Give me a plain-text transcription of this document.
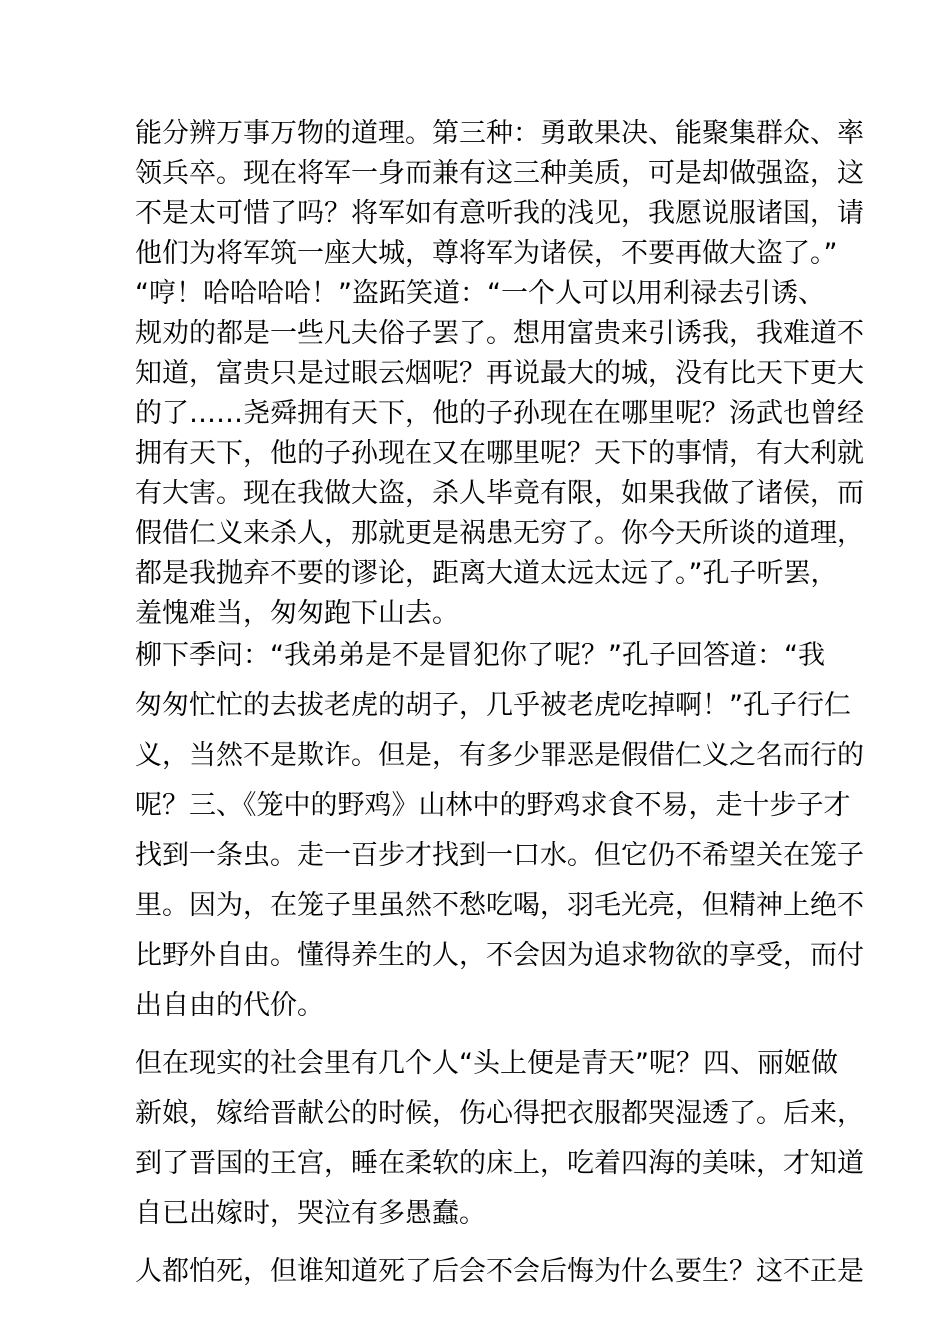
能分辨万事万物的道理。第三种：勇敢果决、能聚集群众、率
领兵卒。现在将军一身而兼有这三种美质，可是却做强盗，这
不是太可惜了吗？将军如有意听我的浅见，我愿说服诸国，请
他们为将军筑一座大城，尊将军为诸侯，不要再做大盗了。”
“哼！哈哈哈哈！”盗跖笑道：“一个人可以用利禄去引诱、
规劝的都是一些凡夫俗子罢了。想用富贵来引诱我，我难道不
知道，富贵只是过眼云烟呢？再说最大的城，没有比天下更大
的了……尧舜拥有天下，他的子孙现在在哪里呢？汤武也曾经
拥有天下，他的子孙现在又在哪里呢？天下的事情，有大利就
有大害。现在我做大盗，杀人毕竟有限，如果我做了诸侯，而
假借仁义来杀人，那就更是祸患无穷了。你今天所谈的道理，
都是我抛弃不要的谬论，距离大道太远太远了。”孔子听罢，
羞愧难当，匆匆跑下山去。
柳下季问：“我弟弟是不是冒犯你了呢？”孔子回答道：“我
匆匆忙忙的去拔老虎的胡子，几乎被老虎吃掉啊！”孔子行仁
义，当然不是欺诈。但是，有多少罪恶是假借仁义之名而行的
呢？三、《笼中的野鸡》山林中的野鸡求食不易，走十步子才
找到一条虫。走一百步才找到一口水。但它仍不希望关在笼子
里。因为，在笼子里虽然不愁吃喝，羽毛光亮，但精神上绝不
比野外自由。懂得养生的人，不会因为追求物欲的享受，而付
出自由的代价。
但在现实的社会里有几个人“头上便是青天”呢？四、丽姬做
新娘，嫁给晋献公的时候，伤心得把衣服都哭湿透了。后来，
到了晋国的王宫，睡在柔软的床上，吃着四海的美味，才知道
自已出嫁时，哭泣有多愚蠢。
人都怕死，但谁知道死了后会不会后悔为什么要生？这不正是
